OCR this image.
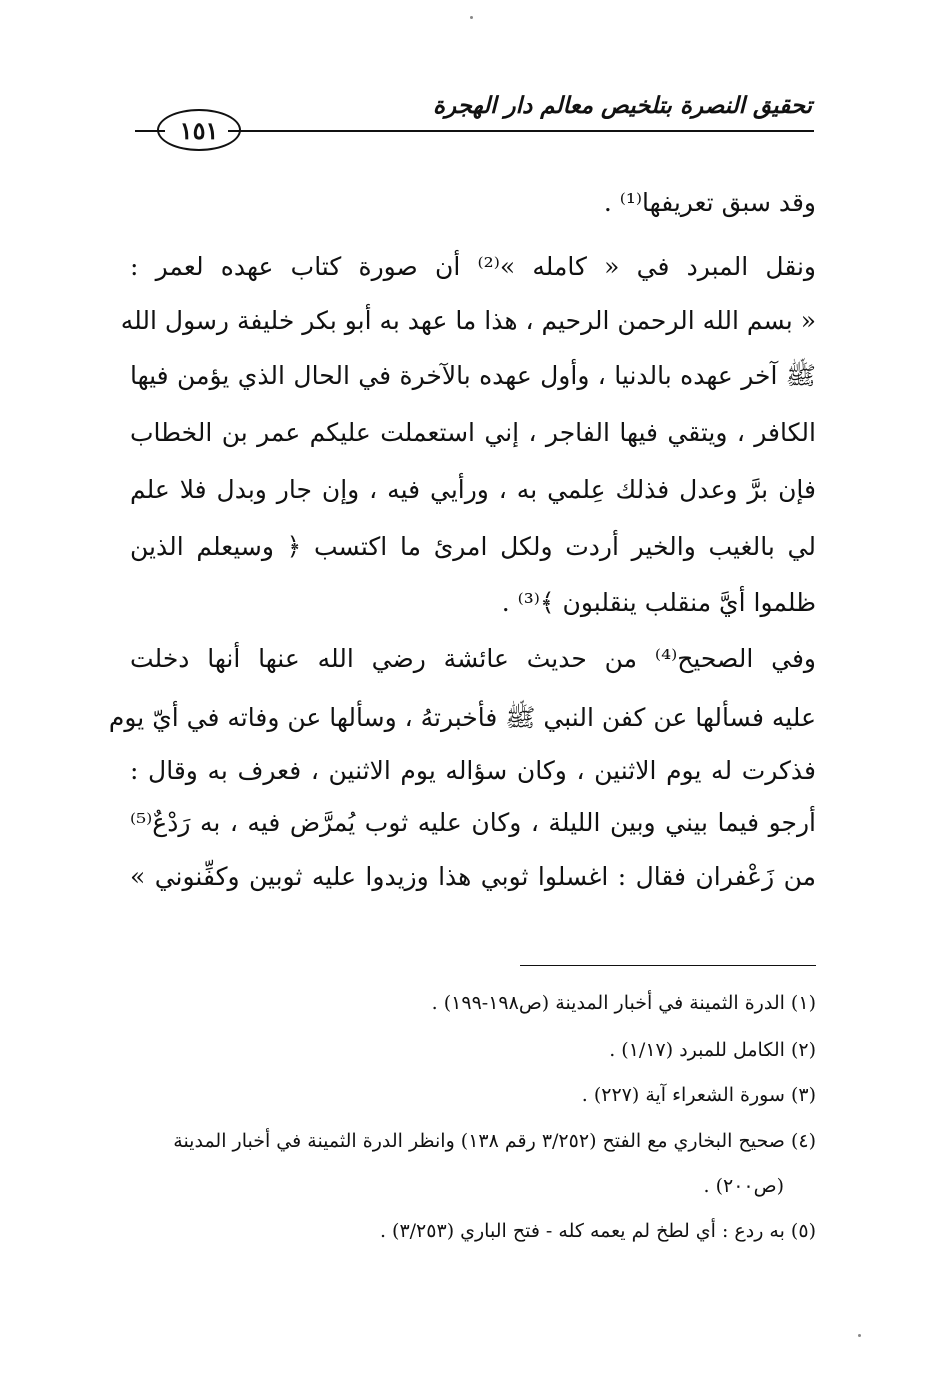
تحقيق النصرة بتلخيص معالم دار الهجرة
١٥١
وقد سبق تعريفها⁽¹⁾ .
ونقل المبرد في « كامله »⁽²⁾ أن صورة كتاب عهده لعمر :
« بسم الله الرحمن الرحيم ، هذا ما عهد به أبو بكر خليفة رسول الله
ﷺ آخر عهده بالدنيا ، وأول عهده بالآخرة في الحال الذي يؤمن فيها
الكافر ، ويتقي فيها الفاجر ، إني استعملت عليكم عمر بن الخطاب
فإن برَّ وعدل فذلك عِلمي به ، ورأيي فيه ، وإن جار وبدل فلا علم
لي بالغيب والخير أردت ولكل امرئ ما اكتسب ﴿ وسيعلم الذين
ظلموا أيَّ منقلب ينقلبون ﴾⁽³⁾ .
وفي الصحيح⁽⁴⁾ من حديث عائشة رضي الله عنها أنها دخلت
عليه فسألها عن كفن النبي ﷺ فأخبرتهُ ، وسألها عن وفاته في أيّ يوم
فذكرت له يوم الاثنين ، وكان سؤاله يوم الاثنين ، فعرف به وقال :
أرجو فيما بيني وبين الليلة ، وكان عليه ثوب يُمرَّض فيه ، به رَدْعٌ⁽⁵⁾
من زَعْفران فقال : اغسلوا ثوبي هذا وزيدوا عليه ثوبين وكفِّنوني »
(١) الدرة الثمينة في أخبار المدينة (ص١٩٨-١٩٩) .
(٢) الكامل للمبرد (١/١٧) .
(٣) سورة الشعراء آية (٢٢٧) .
(٤) صحيح البخاري مع الفتح (٣/٢٥٢ رقم ١٣٨) وانظر الدرة الثمينة في أخبار المدينة
(ص٢٠٠) .
(٥) به ردع : أي لطخ لم يعمه كله - فتح الباري (٣/٢٥٣) .
